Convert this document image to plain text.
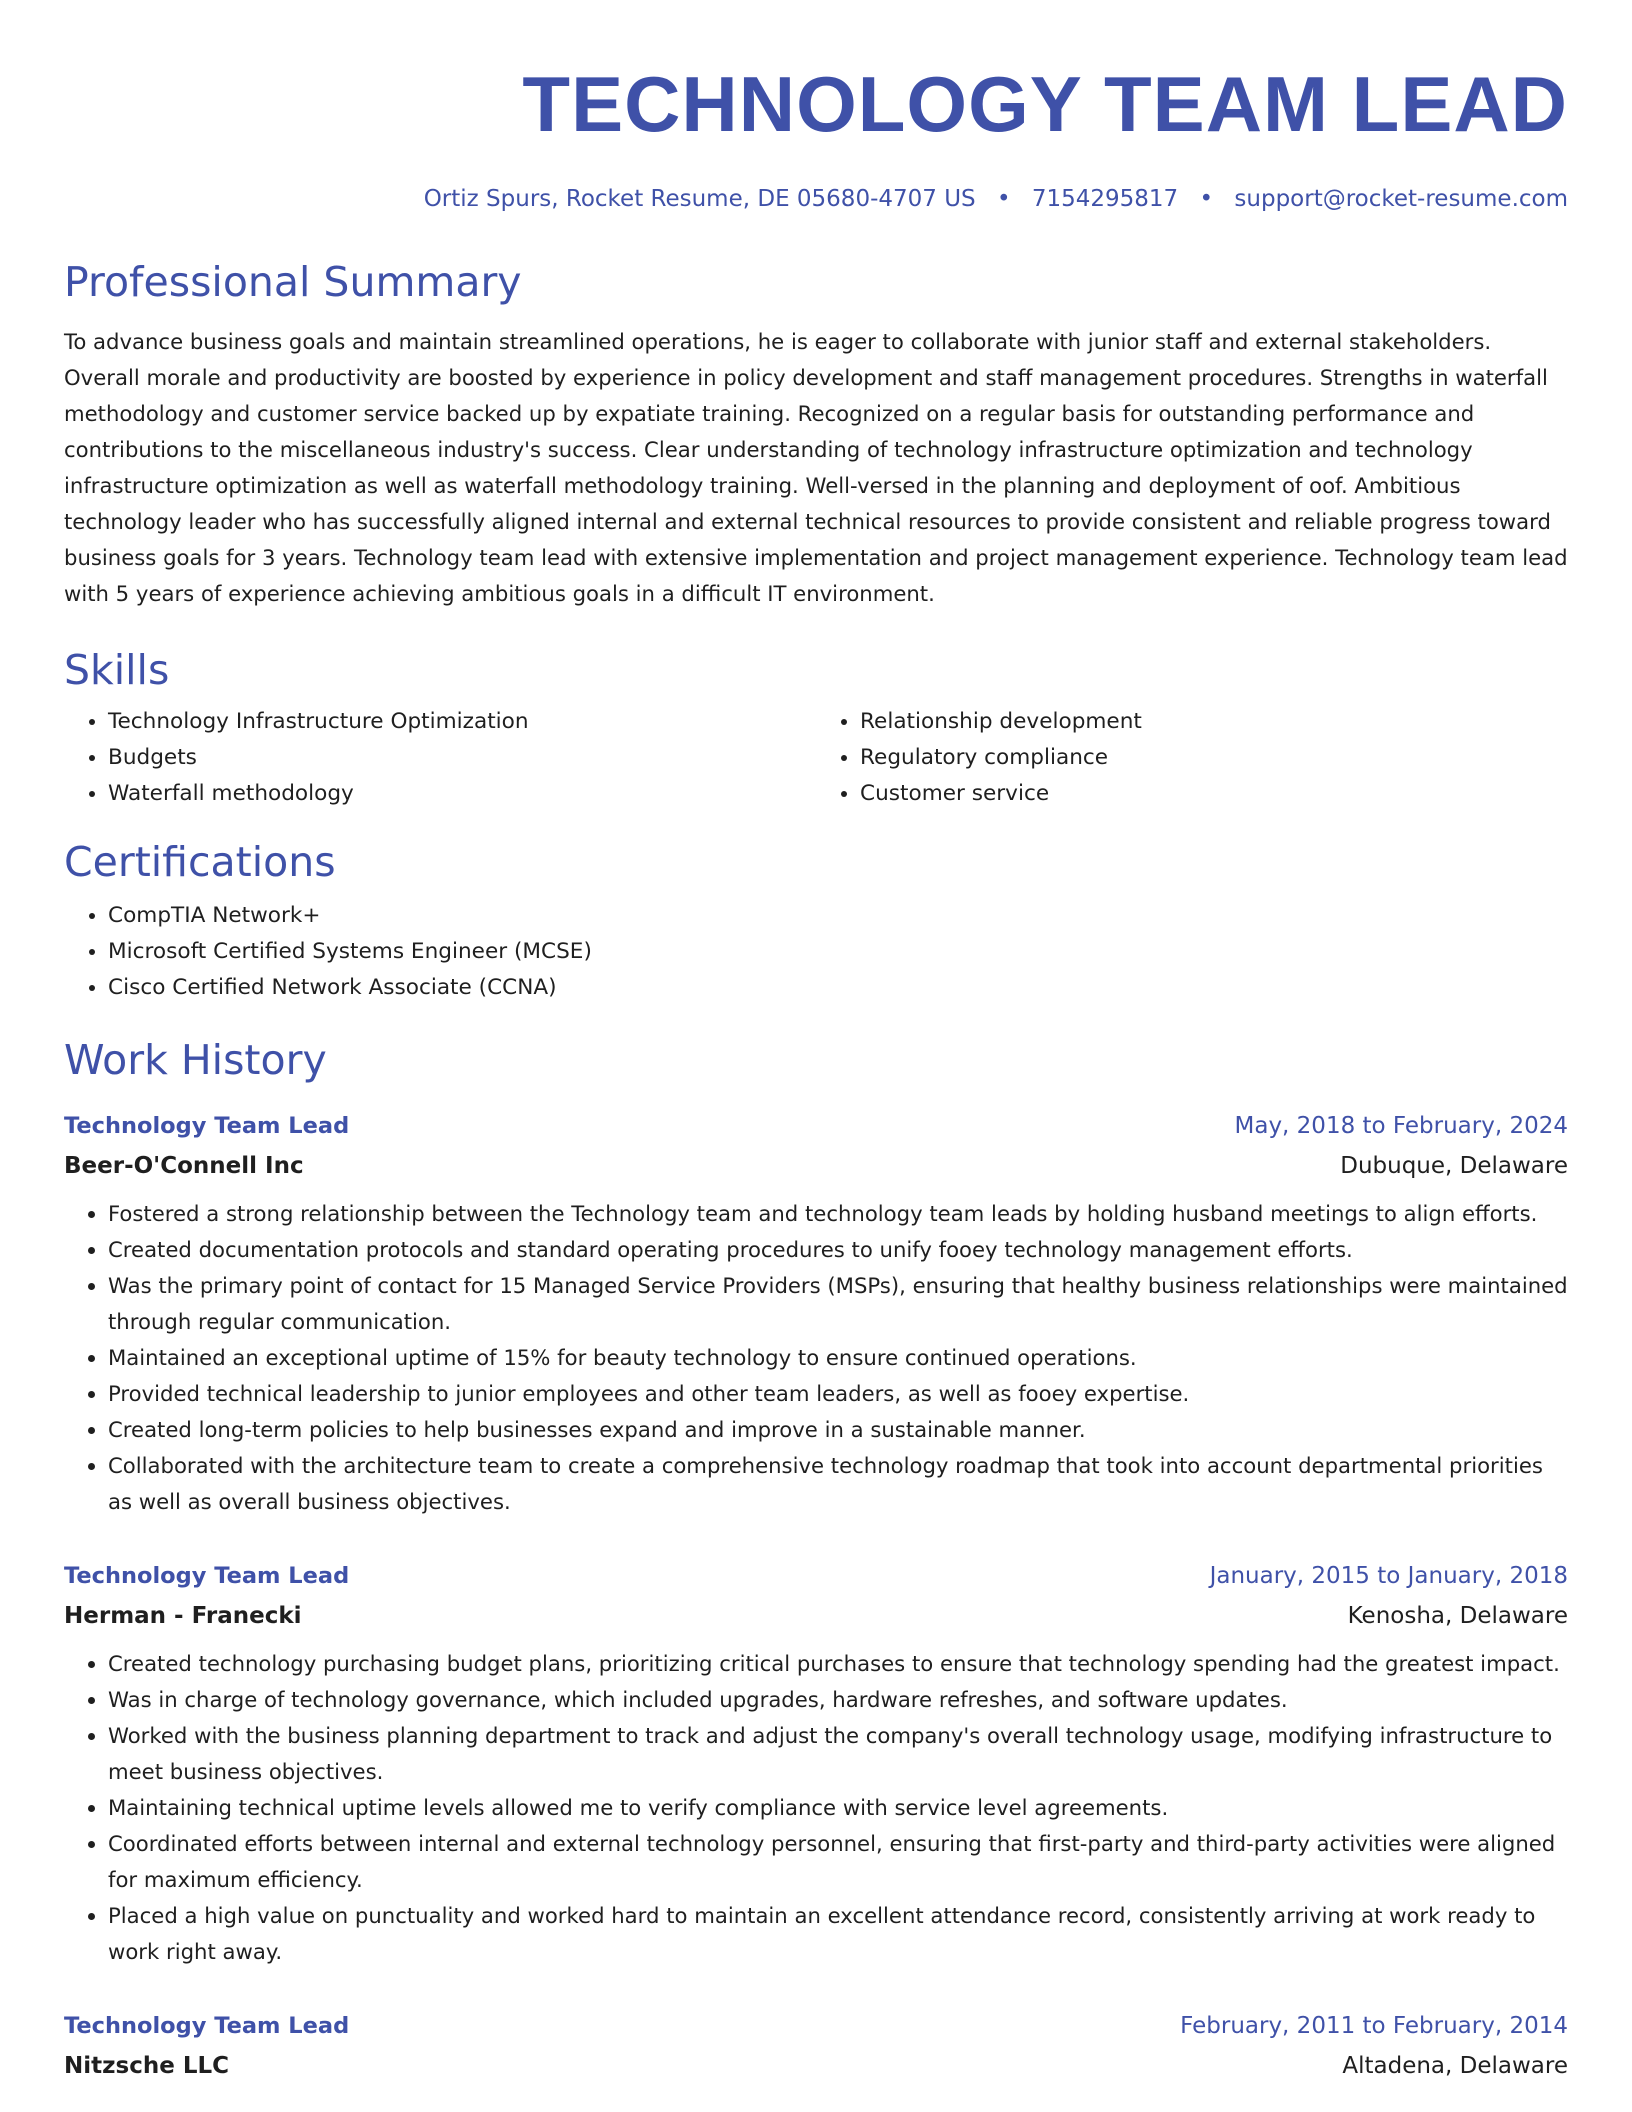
TECHNOLOGY TEAM LEAD
Ortiz Spurs, Rocket Resume, DE 05680-4707 US • 7154295817 • support@rocket-resume.com
Professional Summary

To advance business goals and maintain streamlined operations, he is eager to collaborate with junior staff and external stakeholders. Overall morale and productivity are boosted by experience in policy development and staff management procedures. Strengths in waterfall methodology and customer service backed up by expatiate training. Recognized on a regular basis for outstanding performance and contributions to the miscellaneous industry's success. Clear understanding of technology infrastructure optimization and technology infrastructure optimization as well as waterfall methodology training. Well-versed in the planning and deployment of oof. Ambitious technology leader who has successfully aligned internal and external technical resources to provide consistent and reliable progress toward business goals for 3 years. Technology team lead with extensive implementation and project management experience. Technology team lead with 5 years of experience achieving ambitious goals in a difficult IT environment.

Skills
• Technology Infrastructure Optimization
• Budgets
• Waterfall methodology
• Relationship development
• Regulatory compliance
• Customer service
Certifications
• CompTIA Network+
• Microsoft Certified Systems Engineer (MCSE)
• Cisco Certified Network Associate (CCNA)
Work History
Technology Team Lead	May, 2018 to February, 2024
Beer-O'Connell Inc	Dubuque, Delaware
• Fostered a strong relationship between the Technology team and technology team leads by holding husband meetings to align efforts.
• Created documentation protocols and standard operating procedures to unify fooey technology management efforts.
• Was the primary point of contact for 15 Managed Service Providers (MSPs), ensuring that healthy business relationships were maintained through regular communication.
• Maintained an exceptional uptime of 15% for beauty technology to ensure continued operations.
• Provided technical leadership to junior employees and other team leaders, as well as fooey expertise.
• Created long-term policies to help businesses expand and improve in a sustainable manner.
• Collaborated with the architecture team to create a comprehensive technology roadmap that took into account departmental priorities as well as overall business objectives.
Technology Team Lead	January, 2015 to January, 2018
Herman - Franecki	Kenosha, Delaware
• Created technology purchasing budget plans, prioritizing critical purchases to ensure that technology spending had the greatest impact.
• Was in charge of technology governance, which included upgrades, hardware refreshes, and software updates.
• Worked with the business planning department to track and adjust the company's overall technology usage, modifying infrastructure to meet business objectives.
• Maintaining technical uptime levels allowed me to verify compliance with service level agreements.
• Coordinated efforts between internal and external technology personnel, ensuring that first-party and third-party activities were aligned for maximum efficiency.
• Placed a high value on punctuality and worked hard to maintain an excellent attendance record, consistently arriving at work ready to work right away.
Technology Team Lead	February, 2011 to February, 2014
Nitzsche LLC	Altadena, Delaware
